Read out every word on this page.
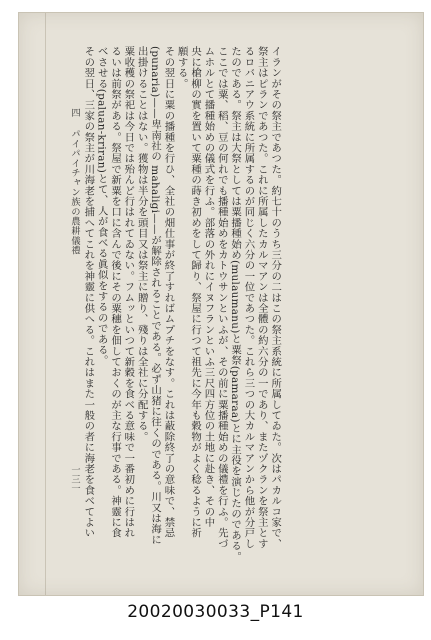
イランがその祭主であつた。約七十のうち三分の二はこの祭主系統に所属してゐた。次はパカルコ家で、
祭主はピランであつた。これに所属したカルマアンは全體の約六分の一であり、またヅクランを祭主とす
るロバニアウ系統に所属するのが同じく六分の一位であつた。これら三つの大カルマアンから他が分戸し
たのである。祭主は大祭としては粟播種始め(mulaumanu)と粟祭(pamaraa)とに主役を演じたのである。
ここでは粟、稻、豆の何れでも播種始めをカトウサンといふが、その前に粟播種始めの儀禮を行ふ。先づ
ムホルとて播種始めの儀式を行ふ。部落の外れにイヌフランといふ三尺四方位の土地に赴き、その中
央に槍柳の實を置いて粟種の蒔き初めをして歸り、祭屋に行つて祖先に今年も穀物がよく稔るように祈
願する。
その翌日に粟の播種を行ひ、全社の畑仕事が終了すればムプチをなす。これは蔽除終了の意味で、禁忌
(punaria)——卑南社の mahaligi——が解除されることである。必ず山猪に往くのである。川又は海に
出掛けることはない。獲物は半分を頭目又は祭主に贈り、殘りは全社に分配する。
粟收穫の祭祀は今日では殆んど行はれてゐない。フムッといつて新穀を食べる意味で一番初めに行はれ
るいは前祭がある。祭屋で新粟を口に含んで後にその粟穗を佃しておくのが主な行事である。神靈に食
べさせる(paluan-kriran)とて、人が食べる眞似をするのである。
その翌日、三家の祭主が川海老を捕へてこれを神靈に供へる。これはまた一般の者に海老を食べてよい
四 パイパイチャン族の農耕儀禮
一三一
20020030033_P141
